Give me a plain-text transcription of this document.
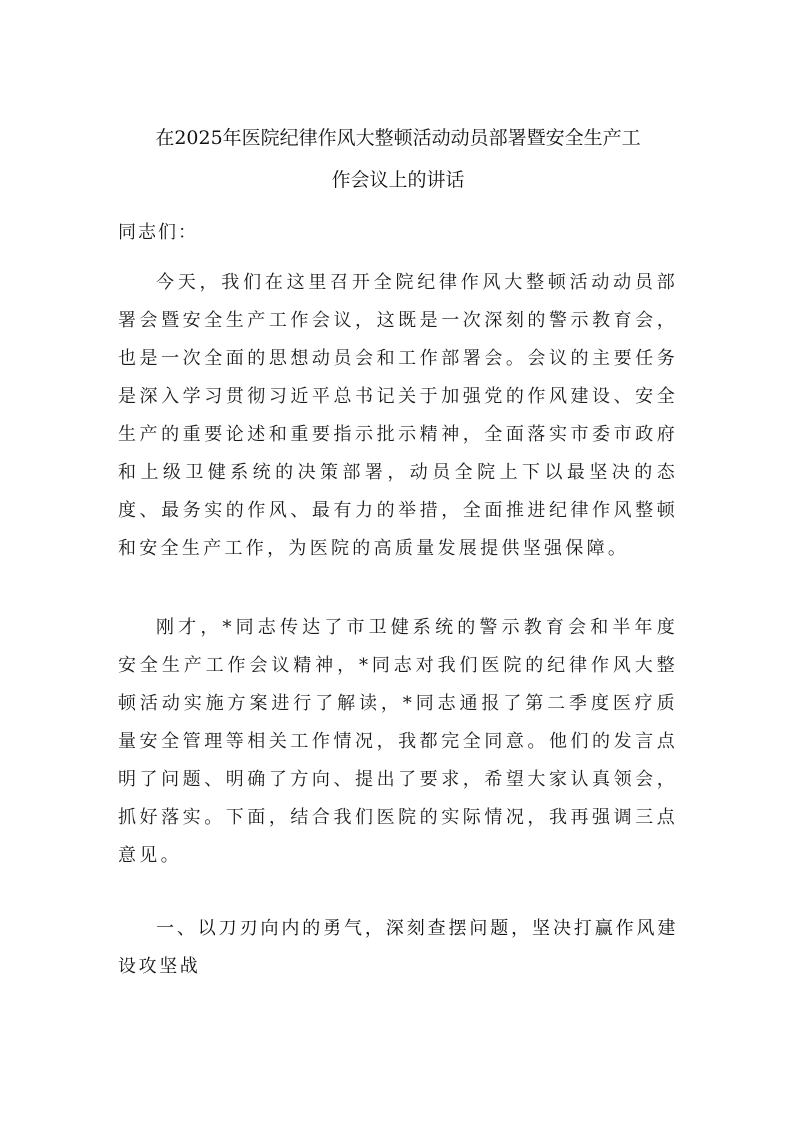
在2025年医院纪律作风大整顿活动动员部署暨安全生产工
作会议上的讲话

同志们：

今天，我们在这里召开全院纪律作风大整顿活动动员部署会暨安全生产工作会议，这既是一次深刻的警示教育会，也是一次全面的思想动员会和工作部署会。会议的主要任务是深入学习贯彻习近平总书记关于加强党的作风建设、安全生产的重要论述和重要指示批示精神，全面落实市委市政府和上级卫健系统的决策部署，动员全院上下以最坚决的态度、最务实的作风、最有力的举措，全面推进纪律作风整顿和安全生产工作，为医院的高质量发展提供坚强保障。

刚才，*同志传达了市卫健系统的警示教育会和半年度安全生产工作会议精神，*同志对我们医院的纪律作风大整顿活动实施方案进行了解读，*同志通报了第二季度医疗质量安全管理等相关工作情况，我都完全同意。他们的发言点明了问题、明确了方向、提出了要求，希望大家认真领会，抓好落实。下面，结合我们医院的实际情况，我再强调三点意见。

一、以刀刃向内的勇气，深刻查摆问题，坚决打赢作风建设攻坚战
